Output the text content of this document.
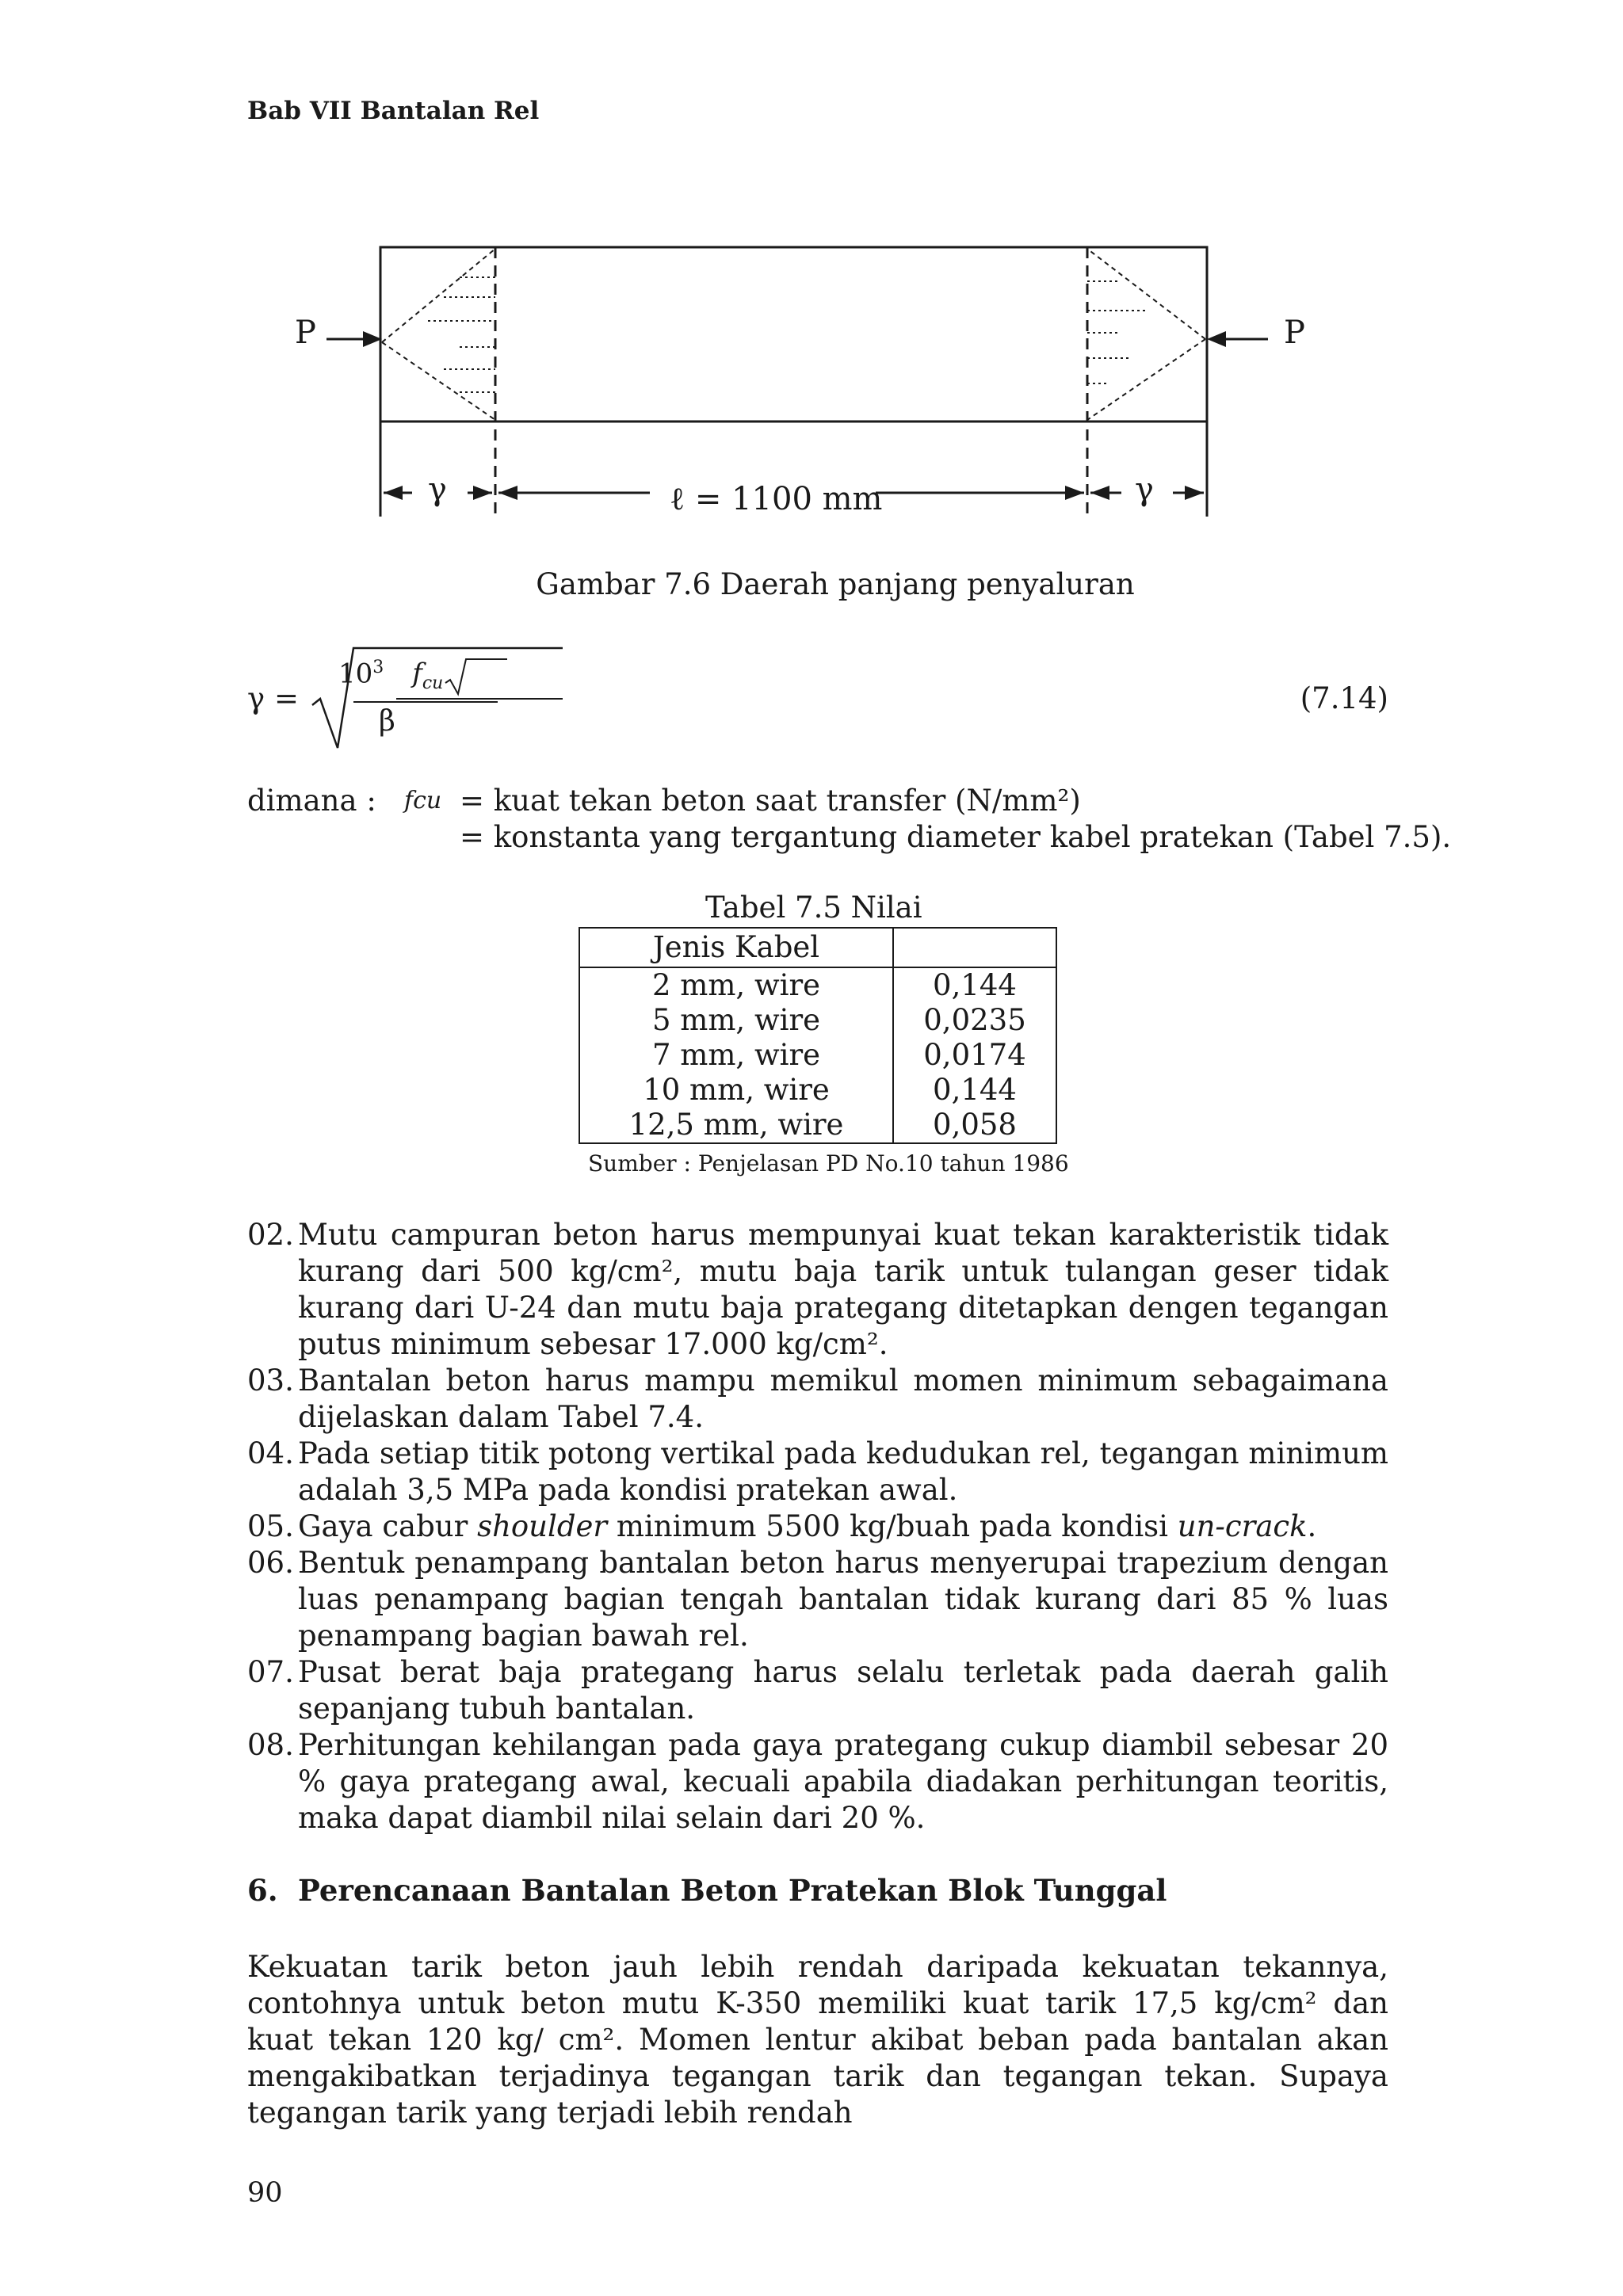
Bab VII Bantalan Rel
P	P
γ	ℓ = 1100 mm	γ
Gambar 7.6 Daerah panjang penyaluran
γ =
$10^3$ $f_{cu}$
β
(7.14)
dimana : fcu = kuat tekan beton saat transfer (N/mm²)
= konstanta yang tergantung diameter kabel pratekan (Tabel 7.5).
Tabel 7.5 Nilai
Jenis Kabel	
2 mm, wire	0,144
5 mm, wire	0,0235
7 mm, wire	0,0174
10 mm, wire	0,144
12,5 mm, wire	0,058
Sumber : Penjelasan PD No.10 tahun 1986
02. Mutu campuran beton harus mempunyai kuat tekan karakteristik tidak kurang dari 500 kg/cm², mutu baja tarik untuk tulangan geser tidak kurang dari U-24 dan mutu baja prategang ditetapkan dengen tegangan putus minimum sebesar 17.000 kg/cm².
03. Bantalan beton harus mampu memikul momen minimum sebagaimana dijelaskan dalam Tabel 7.4.
04. Pada setiap titik potong vertikal pada kedudukan rel, tegangan minimum adalah 3,5 MPa pada kondisi pratekan awal.
05. Gaya cabur shoulder minimum 5500 kg/buah pada kondisi un-crack.
06. Bentuk penampang bantalan beton harus menyerupai trapezium dengan luas penampang bagian tengah bantalan tidak kurang dari 85 % luas penampang bagian bawah rel.
07. Pusat berat baja prategang harus selalu terletak pada daerah galih sepanjang tubuh bantalan.
08. Perhitungan kehilangan pada gaya prategang cukup diambil sebesar 20 % gaya prategang awal, kecuali apabila diadakan perhitungan teoritis, maka dapat diambil nilai selain dari 20 %.
6. Perencanaan Bantalan Beton Pratekan Blok Tunggal
Kekuatan tarik beton jauh lebih rendah daripada kekuatan tekannya, contohnya untuk beton mutu K-350 memiliki kuat tarik 17,5 kg/cm² dan kuat tekan 120 kg/ cm². Momen lentur akibat beban pada bantalan akan mengakibatkan terjadinya tegangan tarik dan tegangan tekan. Supaya tegangan tarik yang terjadi lebih rendah
90
